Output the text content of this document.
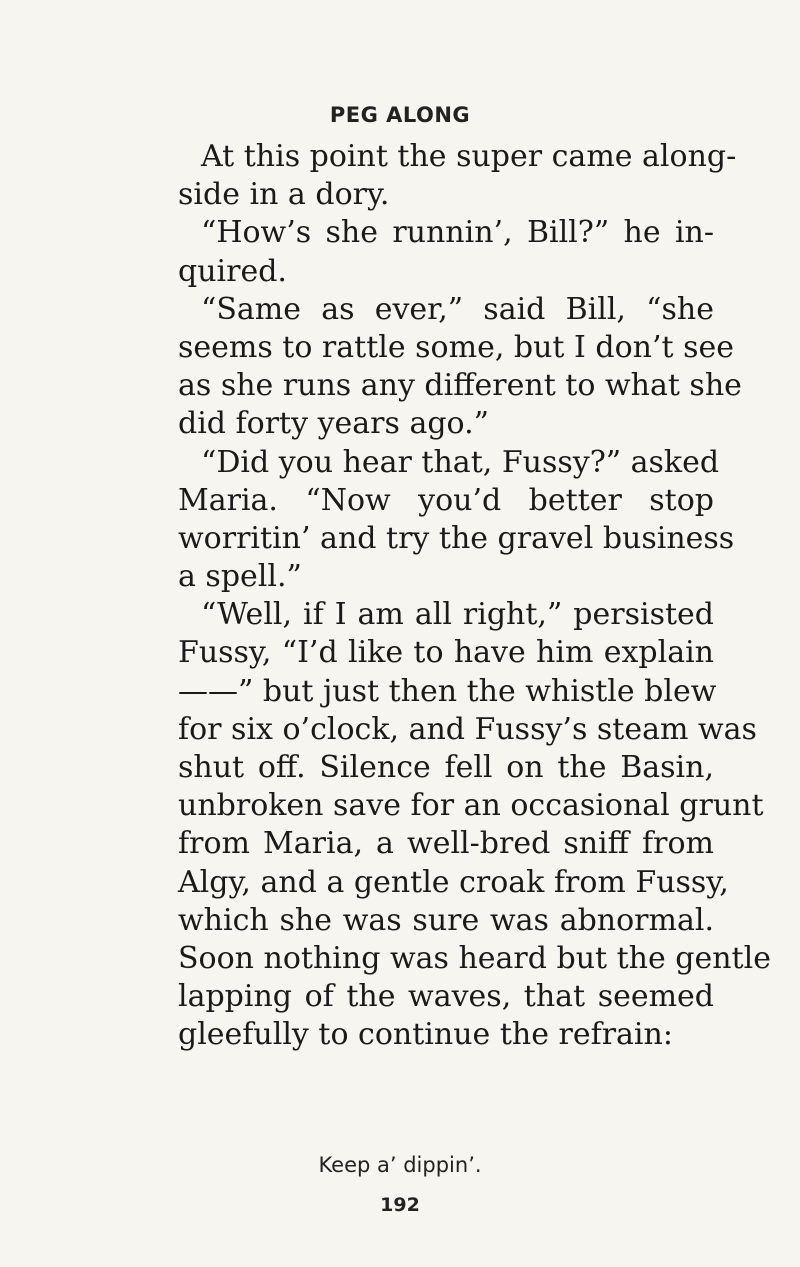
PEG ALONG
At this point the super came along-
side in a dory.
“How’s she runnin’, Bill?” he in-
quired.
“Same as ever,” said Bill, “she
seems to rattle some, but I don’t see
as she runs any different to what she
did forty years ago.”
“Did you hear that, Fussy?” asked
Maria. “Now you’d better stop
worritin’ and try the gravel business
a spell.”
“Well, if I am all right,” persisted
Fussy, “I’d like to have him explain
——” but just then the whistle blew
for six o’clock, and Fussy’s steam was
shut off. Silence fell on the Basin,
unbroken save for an occasional grunt
from Maria, a well-bred sniff from
Algy, and a gentle croak from Fussy,
which she was sure was abnormal.
Soon nothing was heard but the gentle
lapping of the waves, that seemed
gleefully to continue the refrain:
Keep a’ dippin’.
192
